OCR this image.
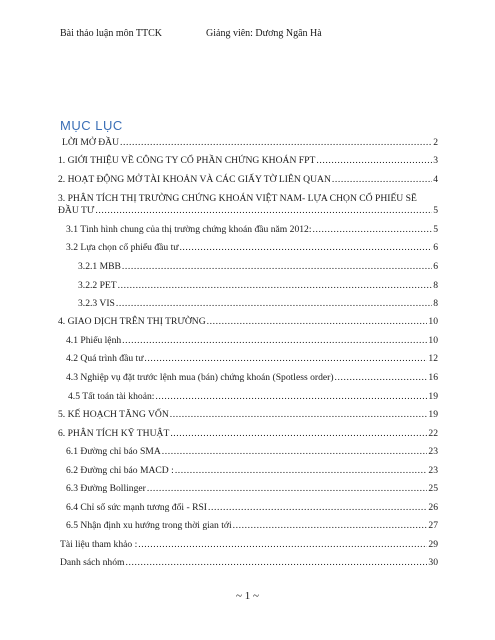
Bài thảo luận môn TTCK	Giảng viên: Dương Ngân Hà
MỤC LỤC
LỜI MỞ ĐẦU .....	2
1. GIỚI THIỆU VỀ CÔNG TY CỔ PHẦN CHỨNG KHOÁN FPT .....	3
2. HOẠT ĐỘNG MỞ TÀI KHOẢN VÀ CÁC GIẤY TỜ LIÊN QUAN .....	4
3. PHÂN TÍCH THỊ TRƯỜNG CHỨNG KHOÁN VIỆT NAM- LỰA CHỌN CỔ PHIẾU SẼ
ĐẦU TƯ .....	5
3.1 Tình hình chung của thị trường chứng khoán đầu năm 2012: .....	5
3.2 Lựa chọn cổ phiếu đầu tư .....	6
3.2.1 MBB .....	6
3.2.2 PET .....	8
3.2.3 VIS .....	8
4. GIAO DỊCH TRÊN THỊ TRƯỜNG .....	10
4.1 Phiếu lệnh .....	10
4.2 Quá trình đầu tư .....	12
4.3 Nghiệp vụ đặt trước lệnh mua (bán) chứng khoán (Spotless order) .....	16
4.5 Tất toán tài khoản: .....	19
5. KẾ HOẠCH TĂNG VỐN .....	19
6. PHÂN TÍCH KỸ THUẬT .....	22
6.1 Đường chỉ báo SMA .....	23
6.2 Đường chỉ báo MACD : .....	23
6.3 Đường Bollinger .....	25
6.4 Chỉ số sức mạnh tương đối - RSI .....	26
6.5 Nhận định xu hướng trong thời gian tới .....	27
Tài liệu tham khảo : .....	29
Danh sách nhóm .....	30
~ 1 ~
